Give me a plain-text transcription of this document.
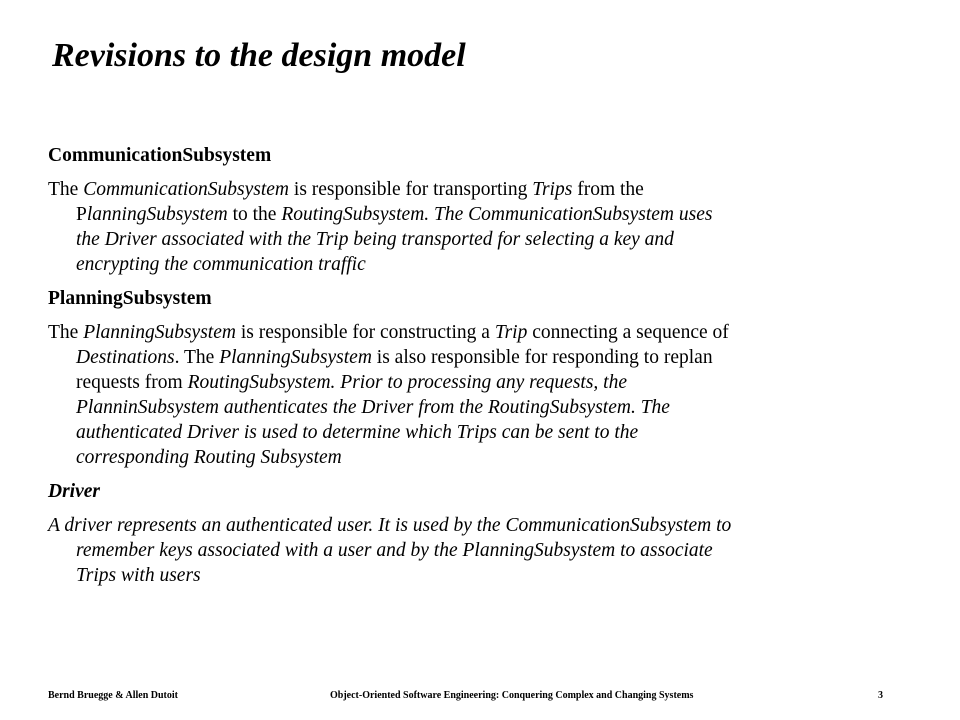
Revisions to the design model
CommunicationSubsystem
The CommunicationSubsystem is responsible for transporting Trips from the
PlanningSubsystem to the RoutingSubsystem. The CommunicationSubsystem uses
the Driver associated with the Trip being transported for selecting a key and
encrypting the communication traffic
PlanningSubsystem
The PlanningSubsystem is responsible for constructing a Trip connecting a sequence of
Destinations. The PlanningSubsystem is also responsible for responding to replan
requests from RoutingSubsystem. Prior to processing any requests, the
PlanninSubsystem authenticates the Driver from the RoutingSubsystem. The
authenticated Driver is used to determine which Trips can be sent to the
corresponding Routing Subsystem
Driver
A driver represents an authenticated user. It is used by the CommunicationSubsystem to
remember keys associated with a user and by the PlanningSubsystem to associate
Trips with users
Bernd Bruegge & Allen Dutoit	Object-Oriented Software Engineering: Conquering Complex and Changing Systems	3
